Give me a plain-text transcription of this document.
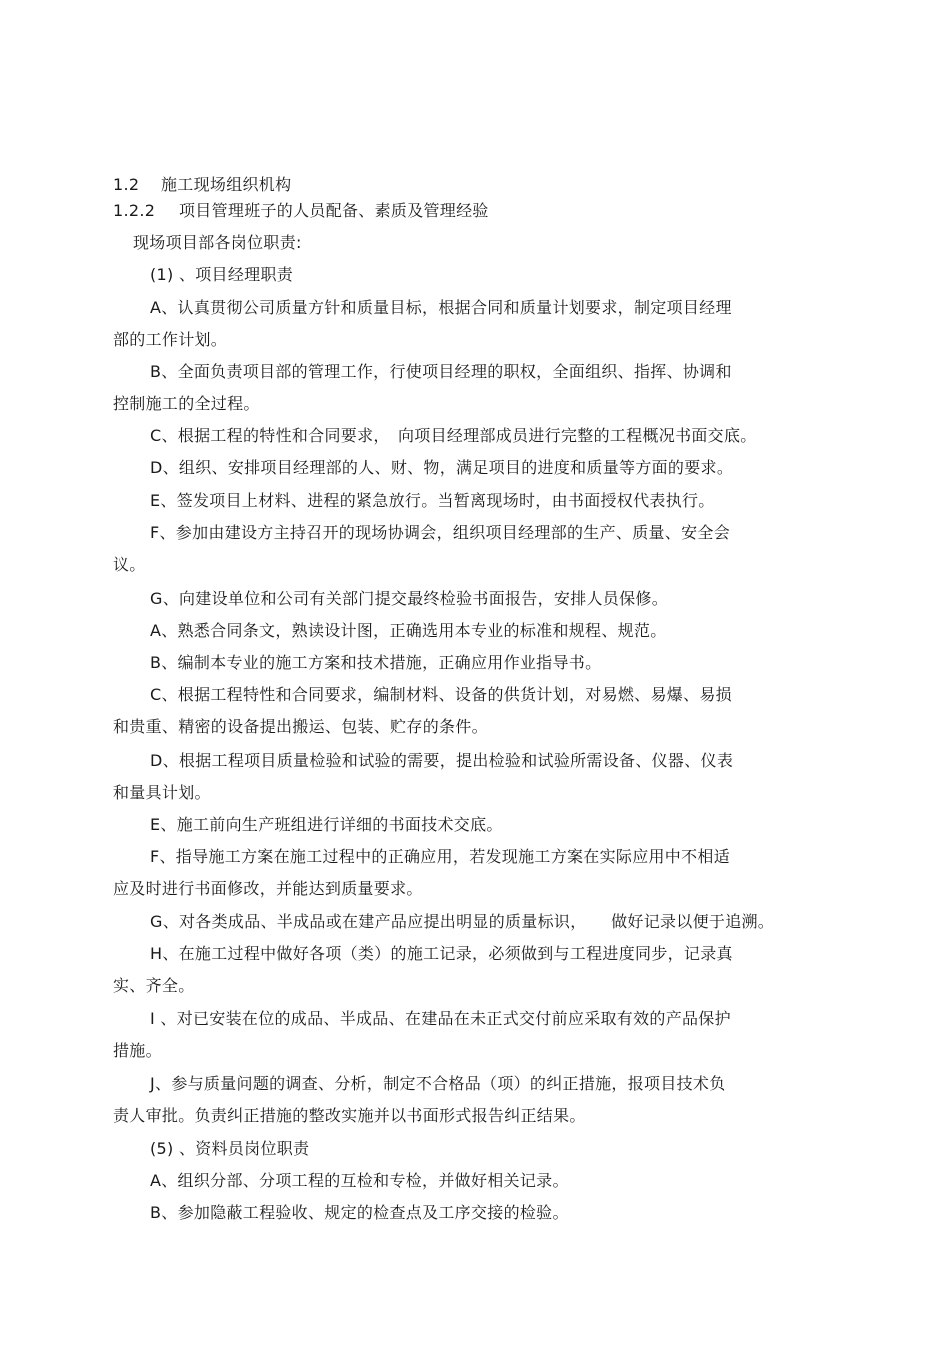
1.2 施工现场组织机构
1.2.2 项目管理班子的人员配备、素质及管理经验
现场项目部各岗位职责:
(1) 、项目经理职责
A、认真贯彻公司质量方针和质量目标，根据合同和质量计划要求，制定项目经理
部的工作计划。
B、全面负责项目部的管理工作，行使项目经理的职权，全面组织、指挥、协调和
控制施工的全过程。
C、根据工程的特性和合同要求，　向项目经理部成员进行完整的工程概况书面交底。
D、组织、安排项目经理部的人、财、物，满足项目的进度和质量等方面的要求。
E、签发项目上材料、进程的紧急放行。当暂离现场时，由书面授权代表执行。
F、参加由建设方主持召开的现场协调会，组织项目经理部的生产、质量、安全会
议。
G、向建设单位和公司有关部门提交最终检验书面报告，安排人员保修。
A、熟悉合同条文，熟读设计图，正确选用本专业的标准和规程、规范。
B、编制本专业的施工方案和技术措施，正确应用作业指导书。
C、根据工程特性和合同要求，编制材料、设备的供货计划，对易燃、易爆、易损
和贵重、精密的设备提出搬运、包装、贮存的条件。
D、根据工程项目质量检验和试验的需要，提出检验和试验所需设备、仪器、仪表
和量具计划。
E、施工前向生产班组进行详细的书面技术交底。
F、指导施工方案在施工过程中的正确应用，若发现施工方案在实际应用中不相适
应及时进行书面修改，并能达到质量要求。
G、对各类成品、半成品或在建产品应提出明显的质量标识，　　做好记录以便于追溯。
H、在施工过程中做好各项（类）的施工记录，必须做到与工程进度同步，记录真
实、齐全。
I 、对已安装在位的成品、半成品、在建品在未正式交付前应采取有效的产品保护
措施。
J、参与质量问题的调查、分析，制定不合格品（项）的纠正措施，报项目技术负
责人审批。负责纠正措施的整改实施并以书面形式报告纠正结果。
(5) 、资料员岗位职责
A、组织分部、分项工程的互检和专检，并做好相关记录。
B、参加隐蔽工程验收、规定的检查点及工序交接的检验。
